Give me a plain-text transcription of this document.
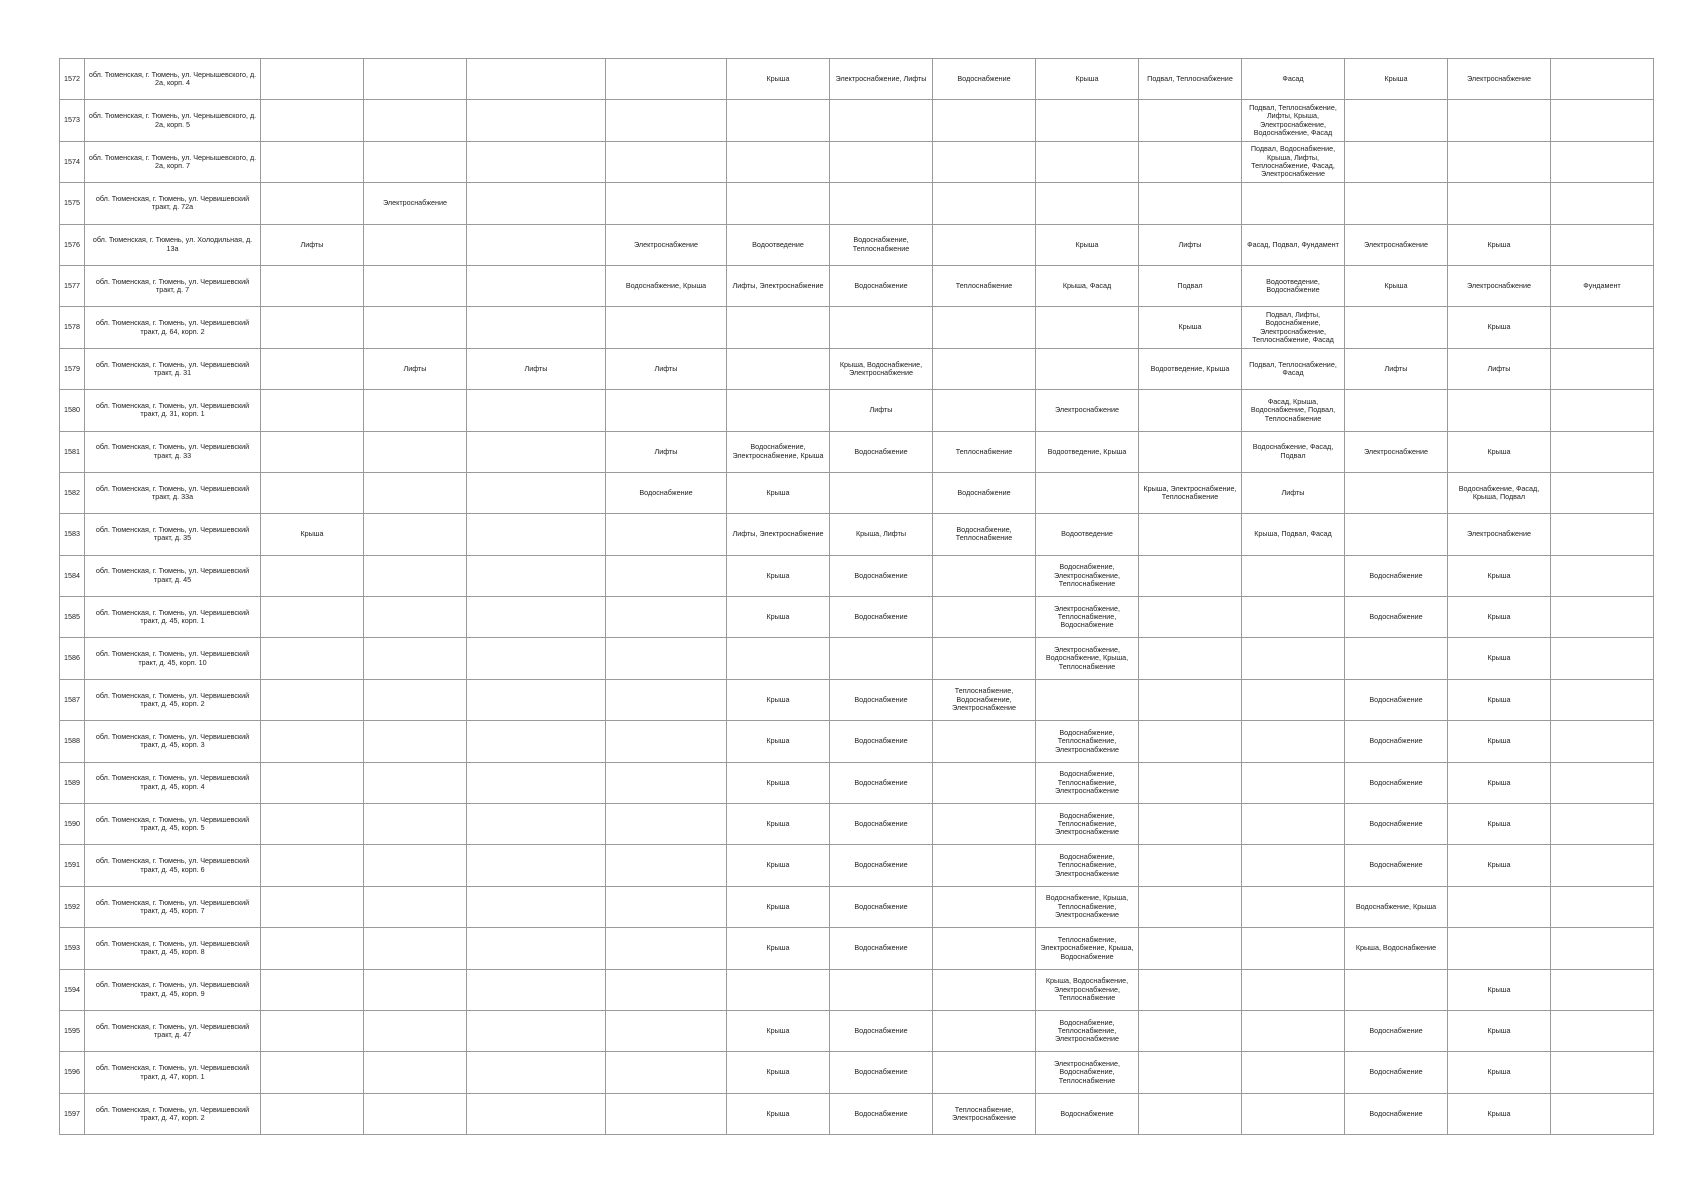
1572	обл. Тюменская, г. Тюмень, ул. Чернышевского, д. 2а, корп. 4					Крыша	Электроснабжение, Лифты	Водоснабжение	Крыша	Подвал, Теплоснабжение	Фасад	Крыша	Электроснабжение	
1573	обл. Тюменская, г. Тюмень, ул. Чернышевского, д. 2а, корп. 5										Подвал, Теплоснабжение, Лифты, Крыша, Электроснабжение, Водоснабжение, Фасад			
1574	обл. Тюменская, г. Тюмень, ул. Чернышевского, д. 2а, корп. 7										Подвал, Водоснабжение, Крыша, Лифты, Теплоснабжение, Фасад, Электроснабжение			
1575	обл. Тюменская, г. Тюмень, ул. Червишевский тракт, д. 72а		Электроснабжение											
1576	обл. Тюменская, г. Тюмень, ул. Холодильная, д. 13а	Лифты			Электроснабжение	Водоотведение	Водоснабжение, Теплоснабжение		Крыша	Лифты	Фасад, Подвал, Фундамент	Электроснабжение	Крыша	
1577	обл. Тюменская, г. Тюмень, ул. Червишевский тракт, д. 7				Водоснабжение, Крыша	Лифты, Электроснабжение	Водоснабжение	Теплоснабжение	Крыша, Фасад	Подвал	Водоотведение, Водоснабжение	Крыша	Электроснабжение	Фундамент
1578	обл. Тюменская, г. Тюмень, ул. Червишевский тракт, д. 64, корп. 2									Крыша	Подвал, Лифты, Водоснабжение, Электроснабжение, Теплоснабжение, Фасад		Крыша	
1579	обл. Тюменская, г. Тюмень, ул. Червишевский тракт, д. 31		Лифты	Лифты	Лифты		Крыша, Водоснабжение, Электроснабжение			Водоотведение, Крыша	Подвал, Теплоснабжение, Фасад	Лифты	Лифты	
1580	обл. Тюменская, г. Тюмень, ул. Червишевский тракт, д. 31, корп. 1						Лифты		Электроснабжение		Фасад, Крыша, Водоснабжение, Подвал, Теплоснабжение			
1581	обл. Тюменская, г. Тюмень, ул. Червишевский тракт, д. 33				Лифты	Водоснабжение, Электроснабжение, Крыша	Водоснабжение	Теплоснабжение	Водоотведение, Крыша		Водоснабжение, Фасад, Подвал	Электроснабжение	Крыша	
1582	обл. Тюменская, г. Тюмень, ул. Червишевский тракт, д. 33а				Водоснабжение	Крыша		Водоснабжение		Крыша, Электроснабжение, Теплоснабжение	Лифты		Водоснабжение, Фасад, Крыша, Подвал	
1583	обл. Тюменская, г. Тюмень, ул. Червишевский тракт, д. 35	Крыша				Лифты, Электроснабжение	Крыша, Лифты	Водоснабжение, Теплоснабжение	Водоотведение		Крыша, Подвал, Фасад		Электроснабжение	
1584	обл. Тюменская, г. Тюмень, ул. Червишевский тракт, д. 45					Крыша	Водоснабжение		Водоснабжение, Электроснабжение, Теплоснабжение			Водоснабжение	Крыша	
1585	обл. Тюменская, г. Тюмень, ул. Червишевский тракт, д. 45, корп. 1					Крыша	Водоснабжение		Электроснабжение, Теплоснабжение, Водоснабжение			Водоснабжение	Крыша	
1586	обл. Тюменская, г. Тюмень, ул. Червишевский тракт, д. 45, корп. 10								Электроснабжение, Водоснабжение, Крыша, Теплоснабжение				Крыша	
1587	обл. Тюменская, г. Тюмень, ул. Червишевский тракт, д. 45, корп. 2					Крыша	Водоснабжение	Теплоснабжение, Водоснабжение, Электроснабжение				Водоснабжение	Крыша	
1588	обл. Тюменская, г. Тюмень, ул. Червишевский тракт, д. 45, корп. 3					Крыша	Водоснабжение		Водоснабжение, Теплоснабжение, Электроснабжение			Водоснабжение	Крыша	
1589	обл. Тюменская, г. Тюмень, ул. Червишевский тракт, д. 45, корп. 4					Крыша	Водоснабжение		Водоснабжение, Теплоснабжение, Электроснабжение			Водоснабжение	Крыша	
1590	обл. Тюменская, г. Тюмень, ул. Червишевский тракт, д. 45, корп. 5					Крыша	Водоснабжение		Водоснабжение, Теплоснабжение, Электроснабжение			Водоснабжение	Крыша	
1591	обл. Тюменская, г. Тюмень, ул. Червишевский тракт, д. 45, корп. 6					Крыша	Водоснабжение		Водоснабжение, Теплоснабжение, Электроснабжение			Водоснабжение	Крыша	
1592	обл. Тюменская, г. Тюмень, ул. Червишевский тракт, д. 45, корп. 7					Крыша	Водоснабжение		Водоснабжение, Крыша, Теплоснабжение, Электроснабжение			Водоснабжение, Крыша		
1593	обл. Тюменская, г. Тюмень, ул. Червишевский тракт, д. 45, корп. 8					Крыша	Водоснабжение		Теплоснабжение, Электроснабжение, Крыша, Водоснабжение			Крыша, Водоснабжение		
1594	обл. Тюменская, г. Тюмень, ул. Червишевский тракт, д. 45, корп. 9								Крыша, Водоснабжение, Электроснабжение, Теплоснабжение				Крыша	
1595	обл. Тюменская, г. Тюмень, ул. Червишевский тракт, д. 47					Крыша	Водоснабжение		Водоснабжение, Теплоснабжение, Электроснабжение			Водоснабжение	Крыша	
1596	обл. Тюменская, г. Тюмень, ул. Червишевский тракт, д. 47, корп. 1					Крыша	Водоснабжение		Электроснабжение, Водоснабжение, Теплоснабжение			Водоснабжение	Крыша	
1597	обл. Тюменская, г. Тюмень, ул. Червишевский тракт, д. 47, корп. 2					Крыша	Водоснабжение	Теплоснабжение, Электроснабжение	Водоснабжение			Водоснабжение	Крыша	
